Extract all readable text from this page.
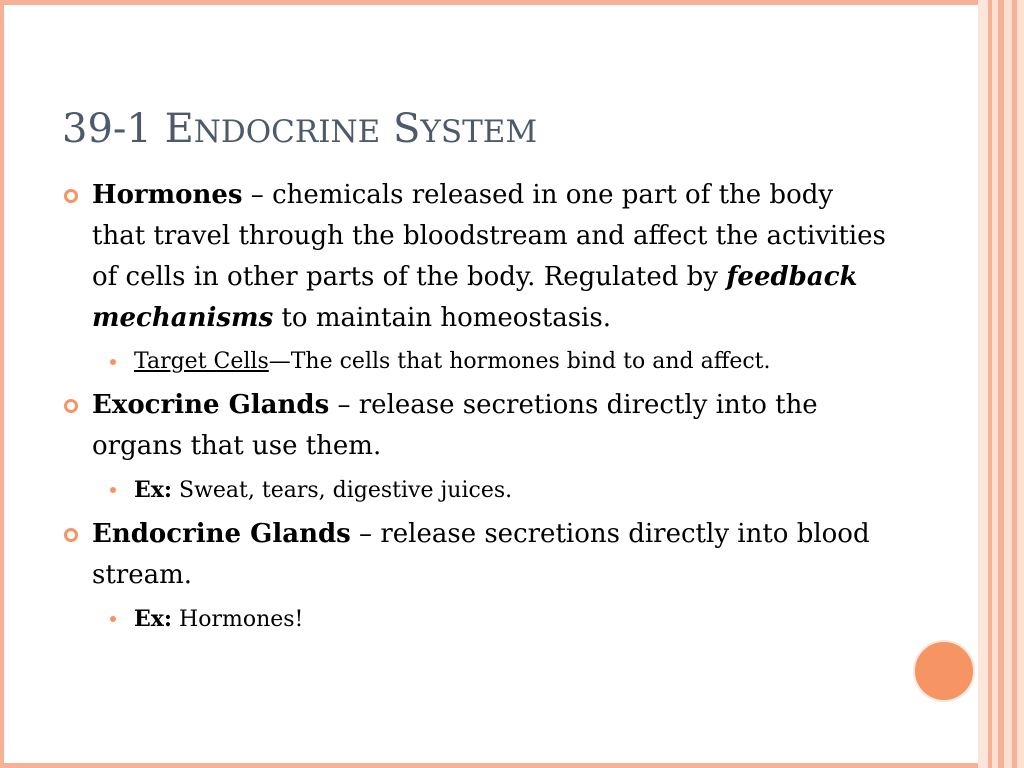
39-1 ENDOCRINE SYSTEM
Hormones – chemicals released in one part of the body that travel through the bloodstream and affect the activities of cells in other parts of the body. Regulated by feedback mechanisms to maintain homeostasis.
Target Cells—The cells that hormones bind to and affect.
Exocrine Glands – release secretions directly into the organs that use them.
Ex: Sweat, tears, digestive juices.
Endocrine Glands – release secretions directly into blood stream.
Ex: Hormones!
